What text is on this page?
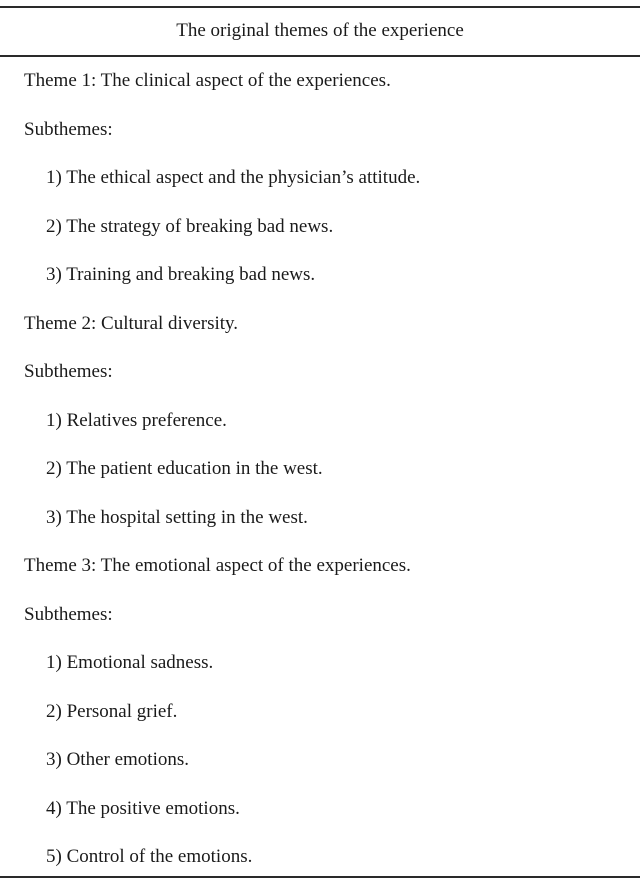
The original themes of the experience
Theme 1: The clinical aspect of the experiences.
Subthemes:
1) The ethical aspect and the physician’s attitude.
2) The strategy of breaking bad news.
3) Training and breaking bad news.
Theme 2: Cultural diversity.
Subthemes:
1) Relatives preference.
2) The patient education in the west.
3) The hospital setting in the west.
Theme 3: The emotional aspect of the experiences.
Subthemes:
1) Emotional sadness.
2) Personal grief.
3) Other emotions.
4) The positive emotions.
5) Control of the emotions.
